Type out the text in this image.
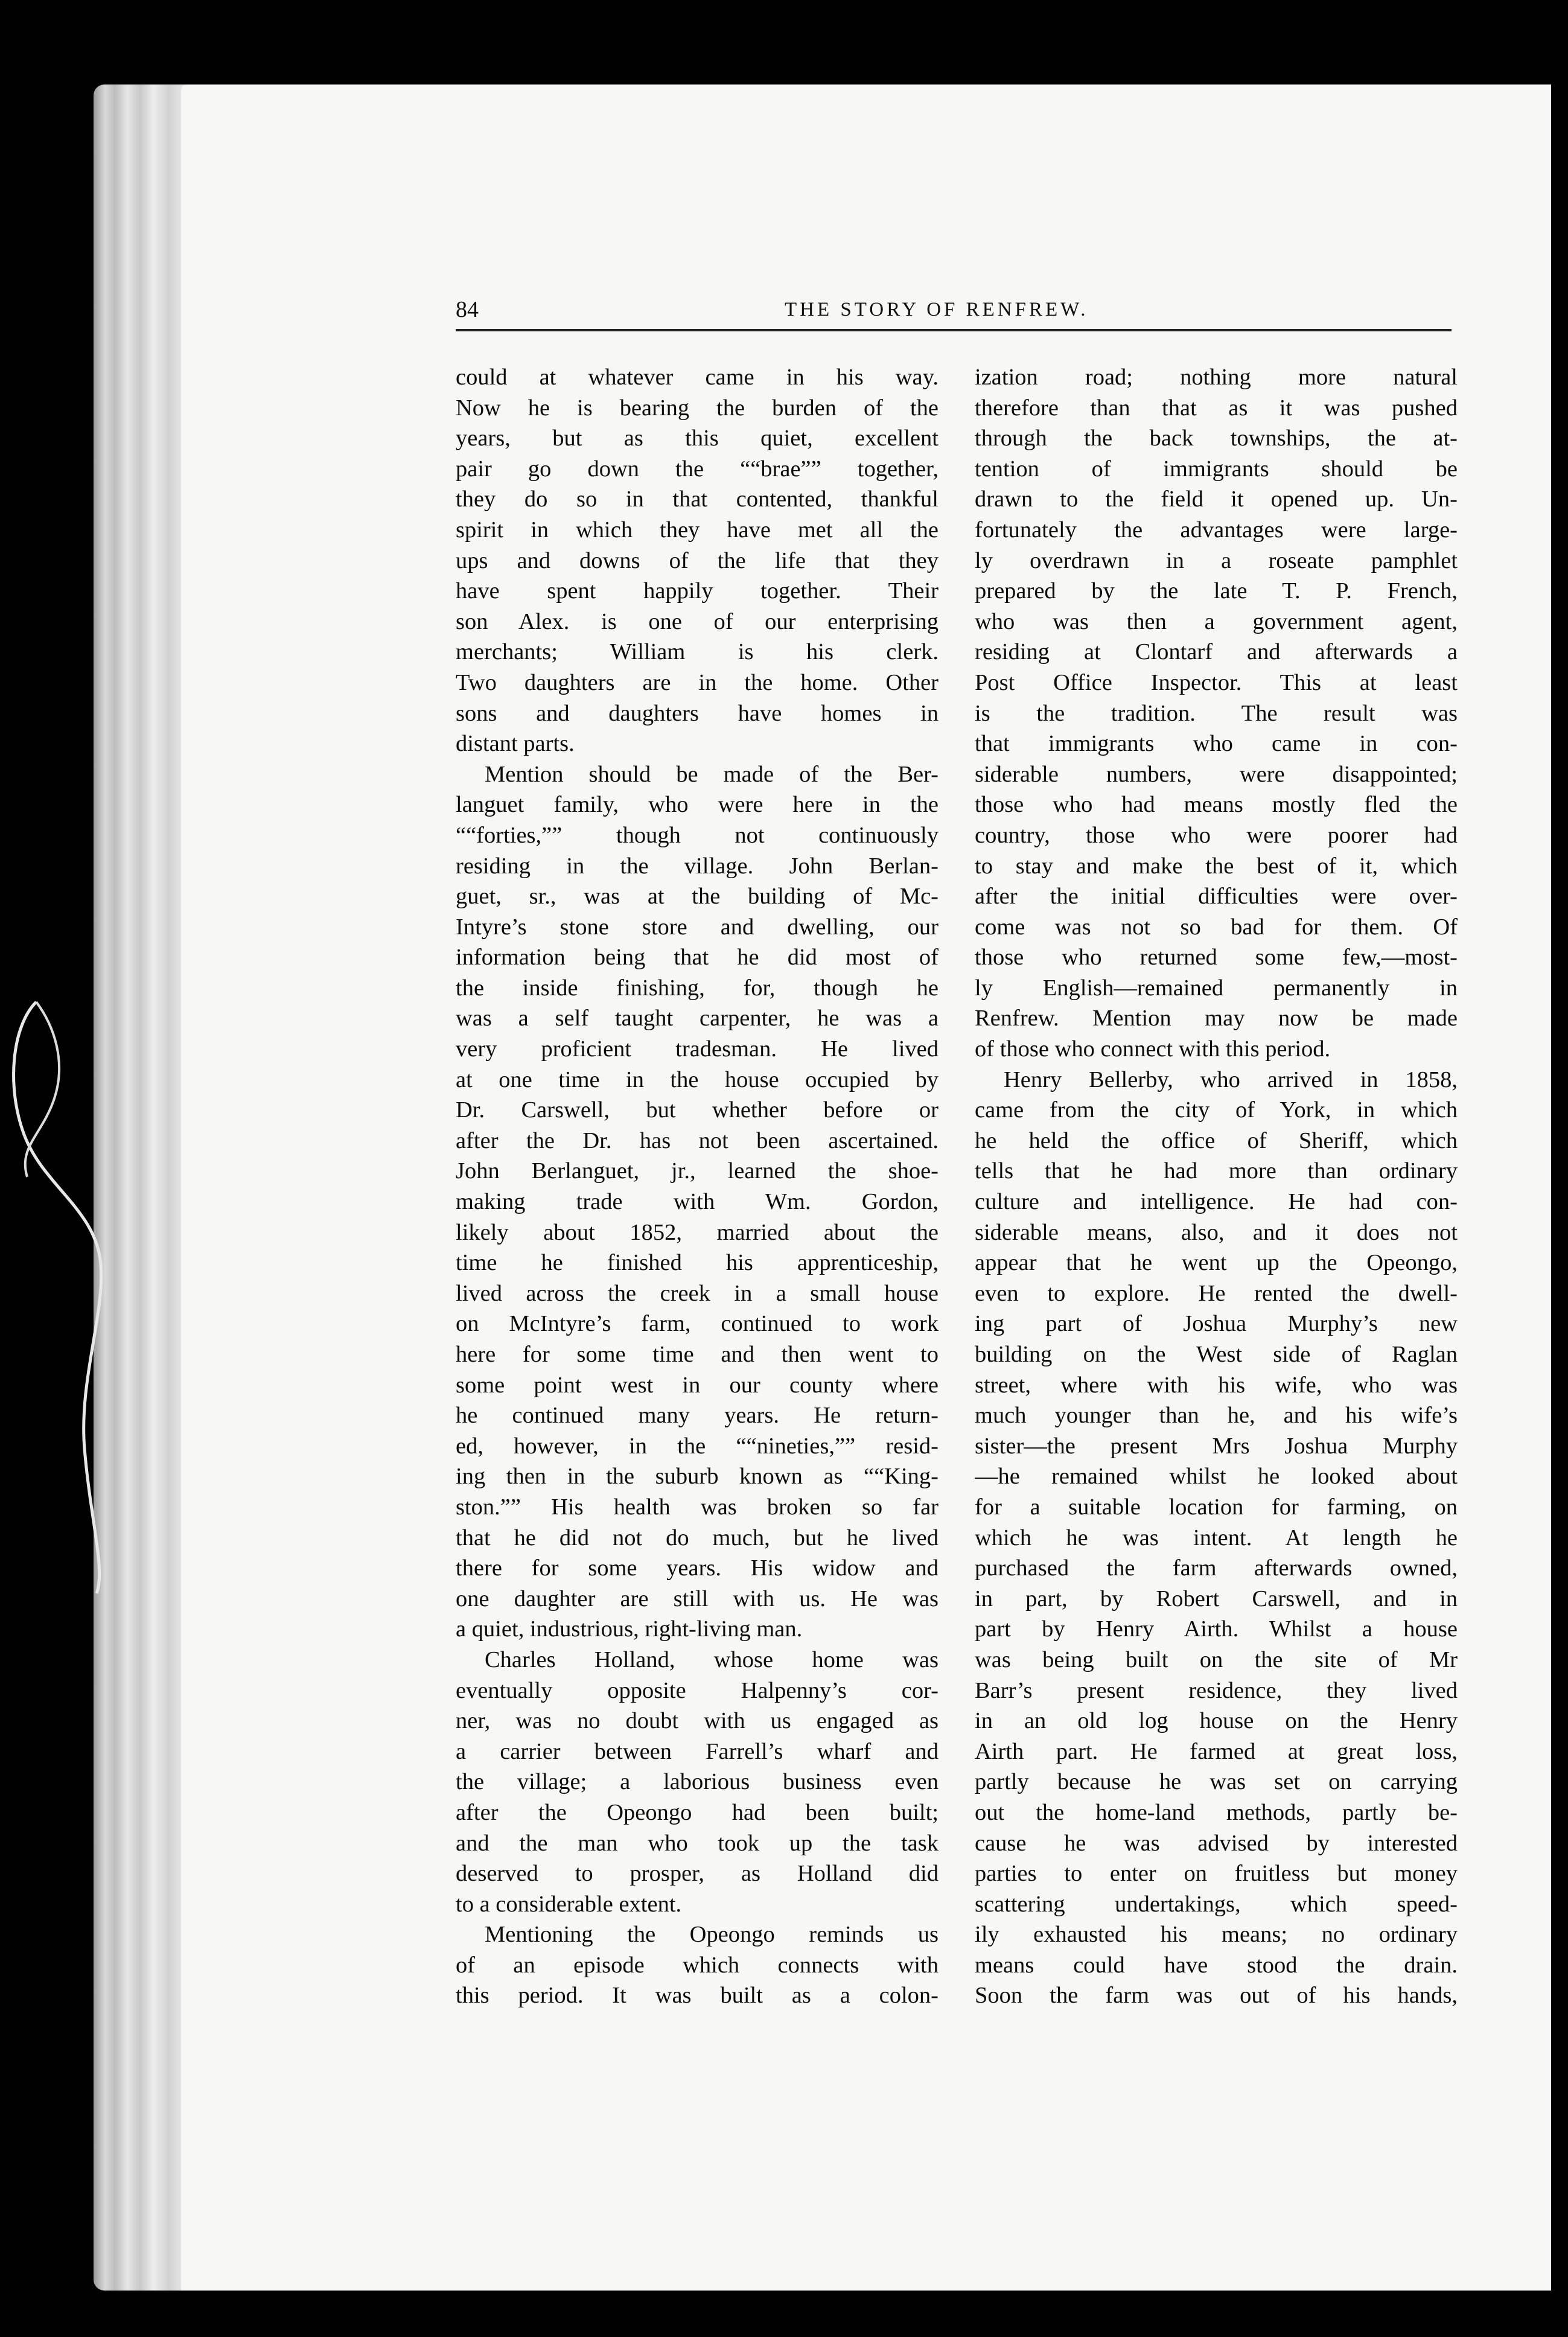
84	THE STORY OF RENFREW.
could at whatever came in his way.
Now he is bearing the burden of the
years, but as this quiet, excellent
pair go down the ““brae”” together,
they do so in that contented, thankful
spirit in which they have met all the
ups and downs of the life that they
have spent happily together. Their
son Alex. is one of our enterprising
merchants; William is his clerk.
Two daughters are in the home. Other
sons and daughters have homes in
distant parts.
Mention should be made of the Ber-
languet family, who were here in the
““forties,”” though not continuously
residing in the village. John Berlan-
guet, sr., was at the building of Mc-
Intyre’s stone store and dwelling, our
information being that he did most of
the inside finishing, for, though he
was a self taught carpenter, he was a
very proficient tradesman. He lived
at one time in the house occupied by
Dr. Carswell, but whether before or
after the Dr. has not been ascertained.
John Berlanguet, jr., learned the shoe-
making trade with Wm. Gordon,
likely about 1852, married about the
time he finished his apprenticeship,
lived across the creek in a small house
on McIntyre’s farm, continued to work
here for some time and then went to
some point west in our county where
he continued many years. He return-
ed, however, in the ““nineties,”” resid-
ing then in the suburb known as ““King-
ston.”” His health was broken so far
that he did not do much, but he lived
there for some years. His widow and
one daughter are still with us. He was
a quiet, industrious, right-living man.
Charles Holland, whose home was
eventually opposite Halpenny’s cor-
ner, was no doubt with us engaged as
a carrier between Farrell’s wharf and
the village; a laborious business even
after the Opeongo had been built;
and the man who took up the task
deserved to prosper, as Holland did
to a considerable extent.
Mentioning the Opeongo reminds us
of an episode which connects with
this period. It was built as a colon-
ization road; nothing more natural
therefore than that as it was pushed
through the back townships, the at-
tention of immigrants should be
drawn to the field it opened up. Un-
fortunately the advantages were large-
ly overdrawn in a roseate pamphlet
prepared by the late T. P. French,
who was then a government agent,
residing at Clontarf and afterwards a
Post Office Inspector. This at least
is the tradition. The result was
that immigrants who came in con-
siderable numbers, were disappointed;
those who had means mostly fled the
country, those who were poorer had
to stay and make the best of it, which
after the initial difficulties were over-
come was not so bad for them. Of
those who returned some few,—most-
ly English—remained permanently in
Renfrew. Mention may now be made
of those who connect with this period.
Henry Bellerby, who arrived in 1858,
came from the city of York, in which
he held the office of Sheriff, which
tells that he had more than ordinary
culture and intelligence. He had con-
siderable means, also, and it does not
appear that he went up the Opeongo,
even to explore. He rented the dwell-
ing part of Joshua Murphy’s new
building on the West side of Raglan
street, where with his wife, who was
much younger than he, and his wife’s
sister—the present Mrs Joshua Murphy
—he remained whilst he looked about
for a suitable location for farming, on
which he was intent. At length he
purchased the farm afterwards owned,
in part, by Robert Carswell, and in
part by Henry Airth. Whilst a house
was being built on the site of Mr
Barr’s present residence, they lived
in an old log house on the Henry
Airth part. He farmed at great loss,
partly because he was set on carrying
out the home-land methods, partly be-
cause he was advised by interested
parties to enter on fruitless but money
scattering undertakings, which speed-
ily exhausted his means; no ordinary
means could have stood the drain.
Soon the farm was out of his hands,
